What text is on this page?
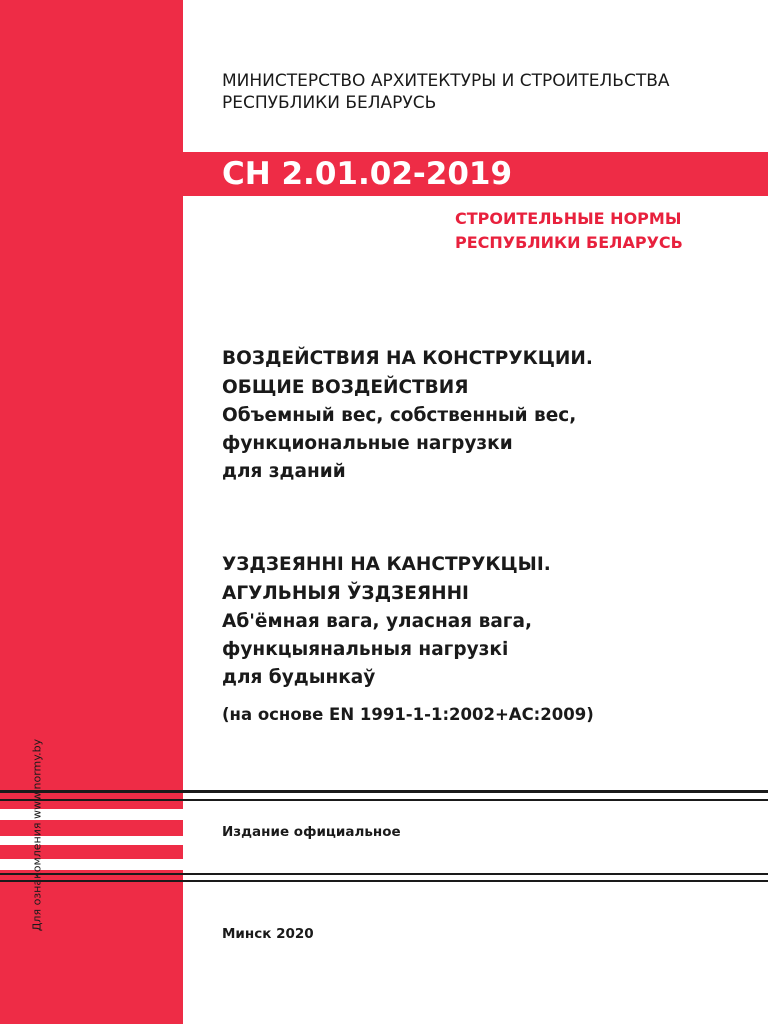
МИНИСТЕРСТВО АРХИТЕКТУРЫ И СТРОИТЕЛЬСТВА
РЕСПУБЛИКИ БЕЛАРУСЬ

СН 2.01.02-2019

СТРОИТЕЛЬНЫЕ НОРМЫ
РЕСПУБЛИКИ БЕЛАРУСЬ

ВОЗДЕЙСТВИЯ НА КОНСТРУКЦИИ.
ОБЩИЕ ВОЗДЕЙСТВИЯ
Объемный вес, собственный вес,
функциональные нагрузки
для зданий
УЗДЗЕЯННІ НА КАНСТРУКЦЫІ.
АГУЛЬНЫЯ ЎЗДЗЕЯННІ
Аб'ёмная вага, уласная вага,
функцыянальныя нагрузкі
для будынкаў

(на основе EN 1991-1-1:2002+AC:2009)

Издание официальное

Минск 2020

Для ознакомления www.normy.by
